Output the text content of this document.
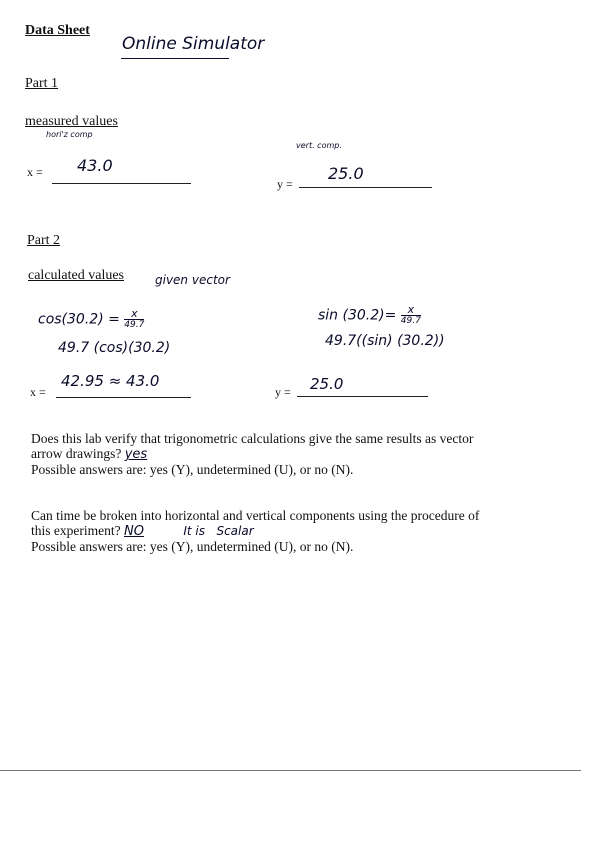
Data Sheet
Online Simulator
Part 1
measured values
hori'z comp
vert. comp.
x = 43.0
y =
25.0
Part 2
calculated values	given vector
$\cos(30.2) = \frac{x}{49.7}$
49.7 (cos)(30.2)
$\sin (30.2)= \frac{x}{49.7}$
49.7((sin) (30.2))
x =
42.95 ≈ 43.0
y = 25.0
Does this lab verify that trigonometric calculations give the same results as vector
arrow drawings? yes
Possible answers are: yes (Y), undetermined (U), or no (N).
Can time be broken into horizontal and vertical components using the procedure of
this experiment? NO	It is   Scalar
Possible answers are: yes (Y), undetermined (U), or no (N).
